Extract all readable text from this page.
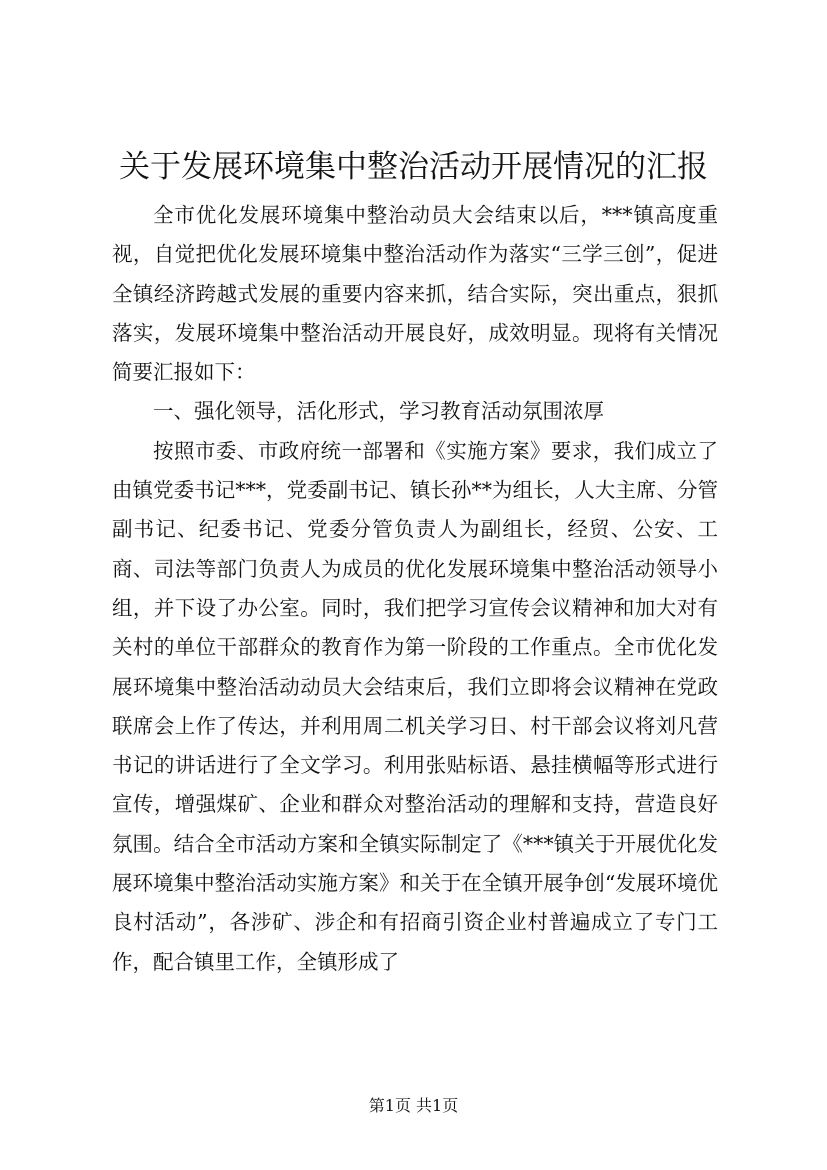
关于发展环境集中整治活动开展情况的汇报

全市优化发展环境集中整治动员大会结束以后，***镇高度重视，自觉把优化发展环境集中整治活动作为落实“三学三创”，促进全镇经济跨越式发展的重要内容来抓，结合实际，突出重点，狠抓落实，发展环境集中整治活动开展良好，成效明显。现将有关情况简要汇报如下：

一、强化领导，活化形式，学习教育活动氛围浓厚

按照市委、市政府统一部署和《实施方案》要求，我们成立了由镇党委书记***，党委副书记、镇长孙**为组长，人大主席、分管副书记、纪委书记、党委分管负责人为副组长，经贸、公安、工商、司法等部门负责人为成员的优化发展环境集中整治活动领导小组，并下设了办公室。同时，我们把学习宣传会议精神和加大对有关村的单位干部群众的教育作为第一阶段的工作重点。全市优化发展环境集中整治活动动员大会结束后，我们立即将会议精神在党政联席会上作了传达，并利用周二机关学习日、村干部会议将刘凡营书记的讲话进行了全文学习。利用张贴标语、悬挂横幅等形式进行宣传，增强煤矿、企业和群众对整治活动的理解和支持，营造良好氛围。结合全市活动方案和全镇实际制定了《***镇关于开展优化发展环境集中整治活动实施方案》和关于在全镇开展争创“发展环境优良村活动”，各涉矿、涉企和有招商引资企业村普遍成立了专门工作，配合镇里工作，全镇形成了

第1页 共1页
